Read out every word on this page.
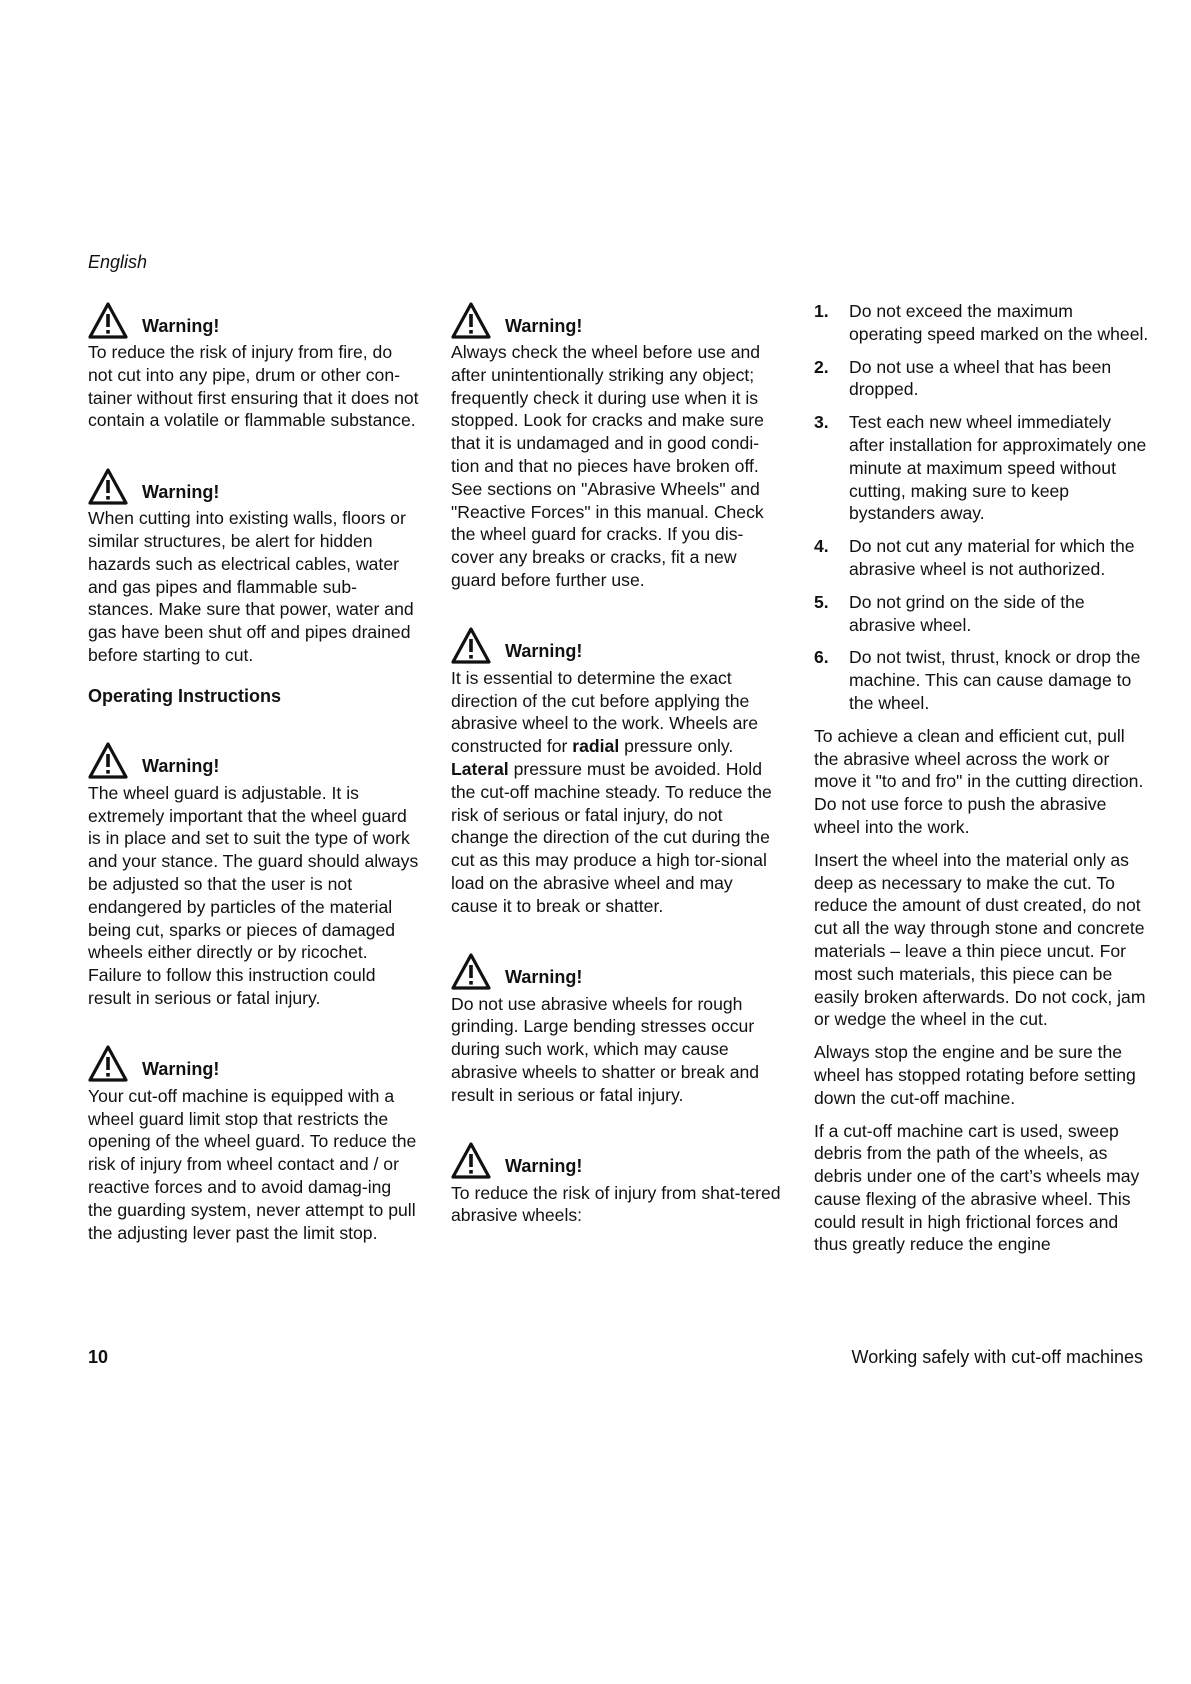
English
Warning!

To reduce the risk of injury from fire, do not cut into any pipe, drum or other con-tainer without first ensuring that it does not contain a volatile or flammable substance.

Warning!

When cutting into existing walls, floors or similar structures, be alert for hidden hazards such as electrical cables, water and gas pipes and flammable sub-stances. Make sure that power, water and gas have been shut off and pipes drained before starting to cut.

Operating Instructions

Warning!

The wheel guard is adjustable. It is extremely important that the wheel guard is in place and set to suit the type of work and your stance. The guard should always be adjusted so that the user is not endangered by particles of the material being cut, sparks or pieces of damaged wheels either directly or by ricochet. Failure to follow this instruction could result in serious or fatal injury.

Warning!

Your cut-off machine is equipped with a wheel guard limit stop that restricts the opening of the wheel guard. To reduce the risk of injury from wheel contact and / or reactive forces and to avoid damag-ing the guarding system, never attempt to pull the adjusting lever past the limit stop.

Warning!

Always check the wheel before use and after unintentionally striking any object; frequently check it during use when it is stopped. Look for cracks and make sure that it is undamaged and in good condi-tion and that no pieces have broken off. See sections on "Abrasive Wheels" and "Reactive Forces" in this manual. Check the wheel guard for cracks. If you dis-cover any breaks or cracks, fit a new guard before further use.

Warning!

It is essential to determine the exact direction of the cut before applying the abrasive wheel to the work. Wheels are constructed for radial pressure only. Lateral pressure must be avoided. Hold the cut-off machine steady. To reduce the risk of serious or fatal injury, do not change the direction of the cut during the cut as this may produce a high tor-sional load on the abrasive wheel and may cause it to break or shatter.

Warning!

Do not use abrasive wheels for rough grinding. Large bending stresses occur during such work, which may cause abrasive wheels to shatter or break and result in serious or fatal injury.

Warning!

To reduce the risk of injury from shat-tered abrasive wheels:

1.	Do not exceed the maximum operating speed marked on the wheel.
2.	Do not use a wheel that has been dropped.
3.	Test each new wheel immediately after installation for approximately one minute at maximum speed without cutting, making sure to keep bystanders away.
4.	Do not cut any material for which the abrasive wheel is not authorized.
5.	Do not grind on the side of the abrasive wheel.
6.	Do not twist, thrust, knock or drop the machine. This can cause damage to the wheel.

To achieve a clean and efficient cut, pull the abrasive wheel across the work or move it "to and fro" in the cutting direction. Do not use force to push the abrasive wheel into the work.

Insert the wheel into the material only as deep as necessary to make the cut. To reduce the amount of dust created, do not cut all the way through stone and concrete materials – leave a thin piece uncut. For most such materials, this piece can be easily broken afterwards. Do not cock, jam or wedge the wheel in the cut.

Always stop the engine and be sure the wheel has stopped rotating before setting down the cut-off machine.

If a cut-off machine cart is used, sweep debris from the path of the wheels, as debris under one of the cart’s wheels may cause flexing of the abrasive wheel. This could result in high frictional forces and thus greatly reduce the engine

10	Working safely with cut-off machines
